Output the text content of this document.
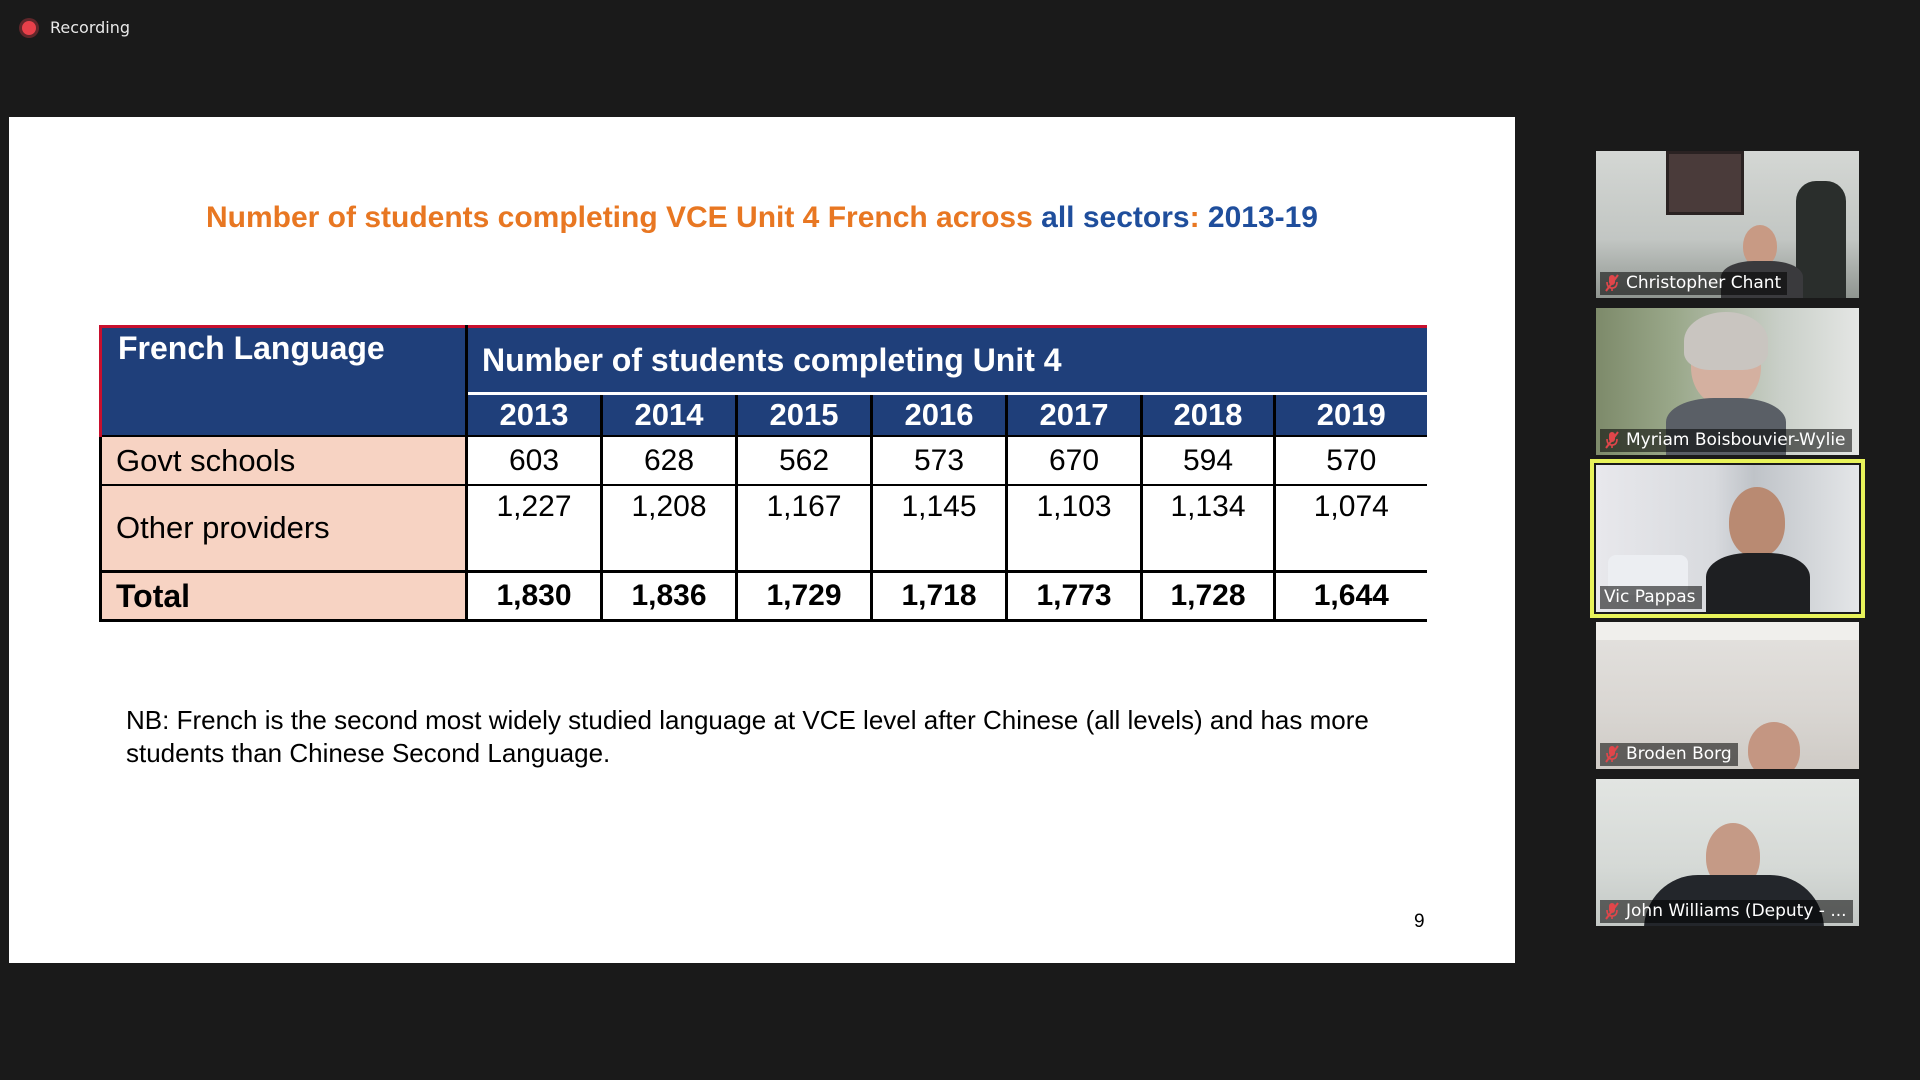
Recording
Number of students completing VCE Unit 4 French across all sectors: 2013-19
French Language	Number of students completing Unit 4						
	2013	2014	2015	2016	2017	2018	2019
Govt schools	603	628	562	573	670	594	570
Other providers	1,227	1,208	1,167	1,145	1,103	1,134	1,074
Total	1,830	1,836	1,729	1,718	1,773	1,728	1,644
NB: French is the second most widely studied language at VCE level after Chinese (all levels) and has more students than Chinese Second Language.
9
Christopher Chant
Myriam Boisbouvier-Wylie
Vic Pappas
Broden Borg
John Williams (Deputy - ...
